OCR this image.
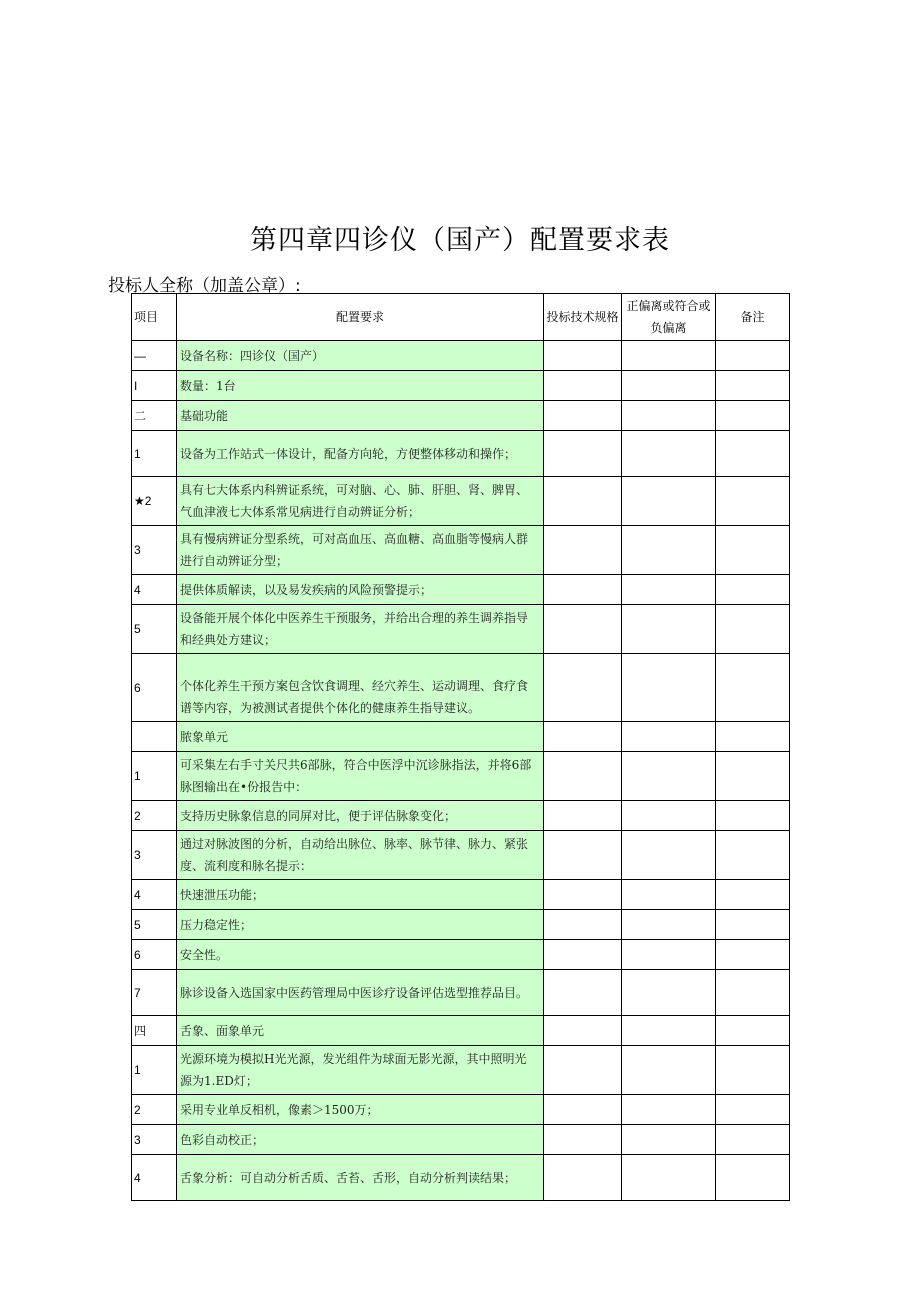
第四章四诊仪（国产）配置要求表
投标人全称（加盖公章）:
项目	配置要求	投标技术规格	正偏离或符合或负偏离	备注
—	设备名称：四诊仪（国产）			
I	数量：1台			
二	基础功能			
1	设备为工作站式一体设计，配备方向轮，方便整体移动和操作；			
★2	具有七大体系内科辨证系统，可对脑、心、肺、肝胆、肾、脾胃、气血津液七大体系常见病进行自动辨证分析；			
3	具有慢病辨证分型系统，可对高血压、高血糖、高血脂等慢病人群进行自动辨证分型；			
4	提供体质解读，以及易发疾病的风险预警提示；			
5	设备能开展个体化中医养生干预服务，并给出合理的养生调养指导和经典处方建议；			
6	个体化养生干预方案包含饮食调理、经穴养生、运动调理、食疗食谱等内容，为被测试者提供个体化的健康养生指导建议。			
	脓象单元			
1	可采集左右手寸关尺共6部脉，符合中医浮中沉诊脉指法，并将6部脉图输出在•份报告中：			
2	支持历史脉象信息的同屏对比，便于评估脉象变化；			
3	通过对脉波图的分析，自动给出脉位、脉率、脉节律、脉力、紧张度、流利度和脉名提示：			
4	快速泄压功能；			
5	压力稳定性；			
6	安全性。			
7	脉诊设备入选国家中医药管理局中医诊疗设备评估选型推荐品目。			
四	舌象、面象单元			
1	光源环境为模拟H光光源，发光组件为球面无影光源，其中照明光源为1.ED灯；			
2	采用专业单反相机，像素＞1500万；			
3	色彩自动校正；			
4	舌象分析：可自动分析舌质、舌苔、舌形，自动分析判读结果；			
